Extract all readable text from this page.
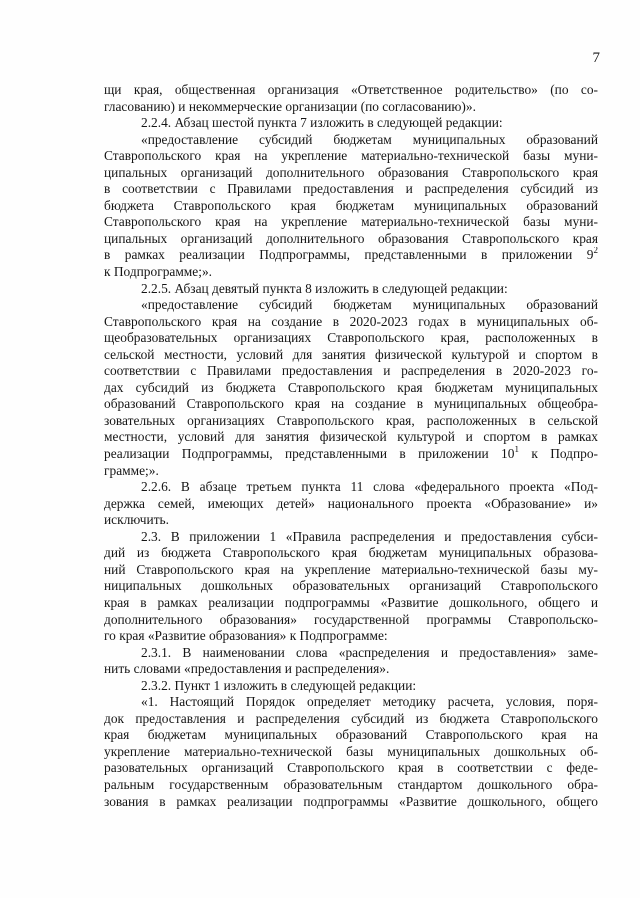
7
щи края, общественная организация «Ответственное родительство» (по со-
гласованию) и некоммерческие организации (по согласованию)».
2.2.4. Абзац шестой пункта 7 изложить в следующей редакции:
«предоставление субсидий бюджетам муниципальных образований
Ставропольского края на укрепление материально-технической базы муни-
ципальных организаций дополнительного образования Ставропольского края
в соответствии с Правилами предоставления и распределения субсидий из
бюджета Ставропольского края бюджетам муниципальных образований
Ставропольского края на укрепление материально-технической базы муни-
ципальных организаций дополнительного образования Ставропольского края
в рамках реализации Подпрограммы, представленными в приложении $9^2$
к Подпрограмме;».
2.2.5. Абзац девятый пункта 8 изложить в следующей редакции:
«предоставление субсидий бюджетам муниципальных образований
Ставропольского края на создание в 2020-2023 годах в муниципальных об-
щеобразовательных организациях Ставропольского края, расположенных в
сельской местности, условий для занятия физической культурой и спортом в
соответствии с Правилами предоставления и распределения в 2020-2023 го-
дах субсидий из бюджета Ставропольского края бюджетам муниципальных
образований Ставропольского края на создание в муниципальных общеобра-
зовательных организациях Ставропольского края, расположенных в сельской
местности, условий для занятия физической культурой и спортом в рамках
реализации Подпрограммы, представленными в приложении $10^1$ к Подпро-
грамме;».
2.2.6. В абзаце третьем пункта 11 слова «федерального проекта «Под-
держка семей, имеющих детей» национального проекта «Образование» и»
исключить.
2.3. В приложении 1 «Правила распределения и предоставления субси-
дий из бюджета Ставропольского края бюджетам муниципальных образова-
ний Ставропольского края на укрепление материально-технической базы му-
ниципальных дошкольных образовательных организаций Ставропольского
края в рамках реализации подпрограммы «Развитие дошкольного, общего и
дополнительного образования» государственной программы Ставропольско-
го края «Развитие образования» к Подпрограмме:
2.3.1. В наименовании слова «распределения и предоставления» заме-
нить словами «предоставления и распределения».
2.3.2. Пункт 1 изложить в следующей редакции:
«1. Настоящий Порядок определяет методику расчета, условия, поря-
док предоставления и распределения субсидий из бюджета Ставропольского
края бюджетам муниципальных образований Ставропольского края на
укрепление материально-технической базы муниципальных дошкольных об-
разовательных организаций Ставропольского края в соответствии с феде-
ральным государственным образовательным стандартом дошкольного обра-
зования в рамках реализации подпрограммы «Развитие дошкольного, общего
